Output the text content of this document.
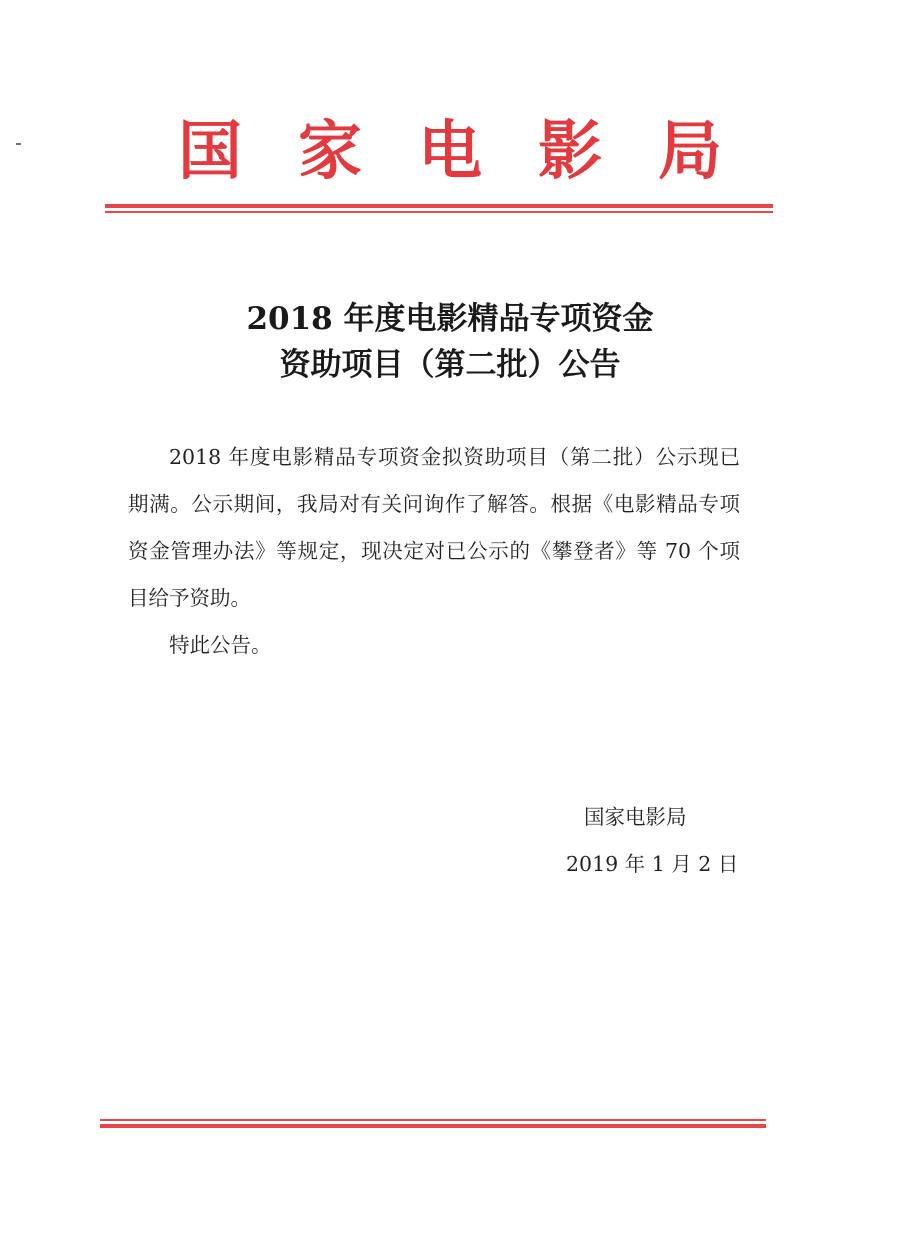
国家电影局
2018 年度电影精品专项资金
资助项目（第二批）公告

2018 年度电影精品专项资金拟资助项目（第二批）公示现已期满。公示期间，我局对有关问询作了解答。根据《电影精品专项资金管理办法》等规定，现决定对已公示的《攀登者》等 70 个项目给予资助。

特此公告。

国家电影局
2019 年 1 月 2 日
